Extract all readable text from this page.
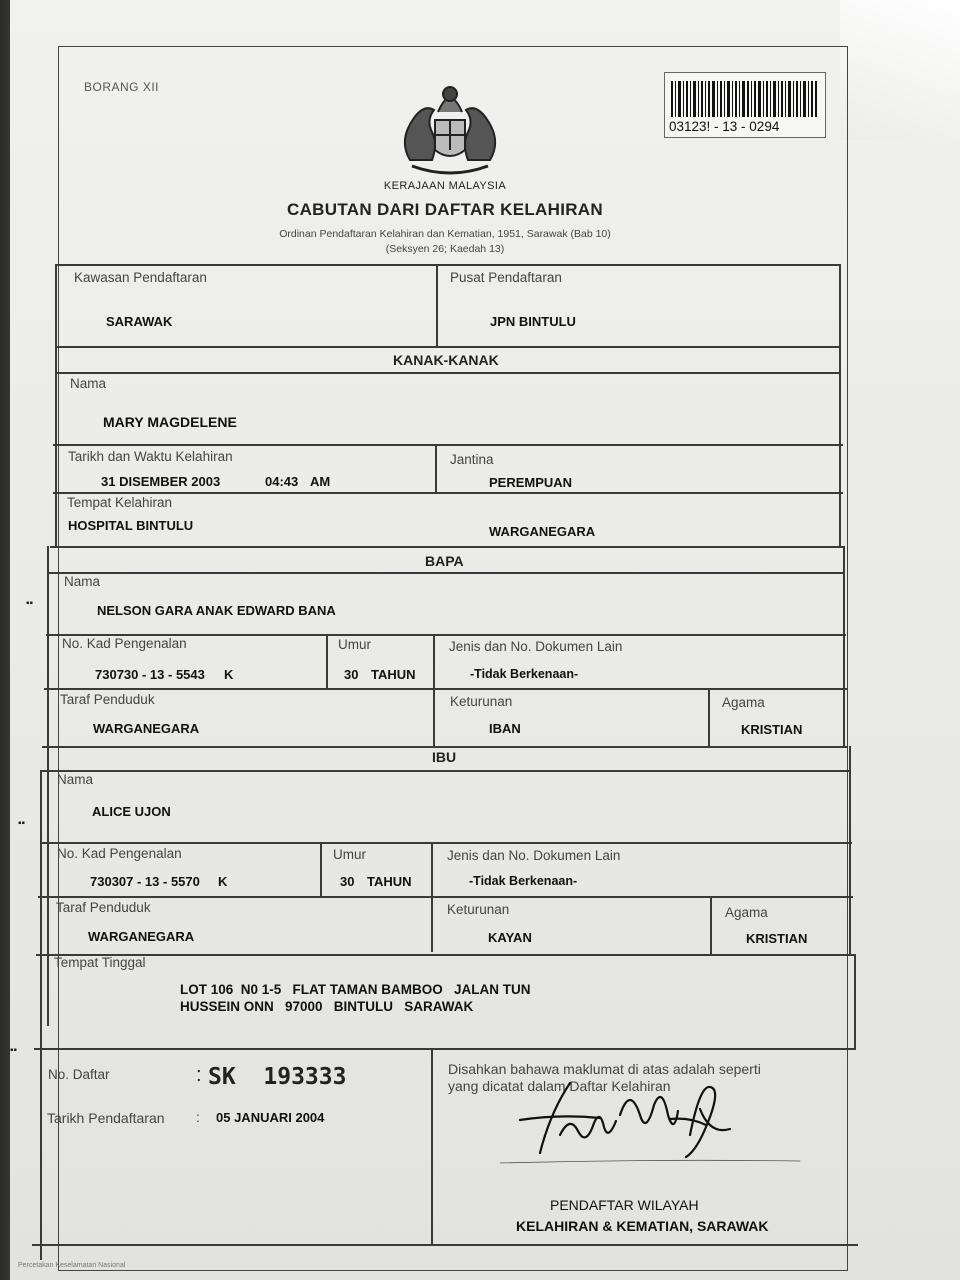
BORANG XII
03123! - 13 - 0294
KERAJAAN MALAYSIA
CABUTAN DARI DAFTAR KELAHIRAN
Ordinan Pendaftaran Kelahiran dan Kematian, 1951, Sarawak (Bab 10)
(Seksyen 26; Kaedah 13)
Kawasan Pendaftaran
SARAWAK
Pusat Pendaftaran
JPN BINTULU
KANAK-KANAK
Nama
MARY MAGDELENE
Tarikh dan Waktu Kelahiran
31 DISEMBER 2003	04:43 AM
Jantina
PEREMPUAN
Tempat Kelahiran
HOSPITAL BINTULU	WARGANEGARA
BAPA
Nama
NELSON GARA ANAK EDWARD BANA
No. Kad Pengenalan
730730 - 13 - 5543 K
Umur
30 TAHUN
Jenis dan No. Dokumen Lain
-Tidak Berkenaan-
Taraf Penduduk
WARGANEGARA
Keturunan
IBAN
Agama
KRISTIAN
IBU
Nama
ALICE UJON
No. Kad Pengenalan
730307 - 13 - 5570 K
Umur
30 TAHUN
Jenis dan No. Dokumen Lain
-Tidak Berkenaan-
Taraf Penduduk
WARGANEGARA
Keturunan
KAYAN
Agama
KRISTIAN
Tempat Tinggal
LOT 106  N0 1-5   FLAT TAMAN BAMBOO   JALAN TUN
HUSSEIN ONN   97000   BINTULU   SARAWAK
No. Daftar	: SK  193333
Tarikh Pendaftaran : 05 JANUARI 2004
Disahkan bahawa maklumat di atas adalah seperti
yang dicatat dalam Daftar Kelahiran
PENDAFTAR WILAYAH
KELAHIRAN & KEMATIAN, SARAWAK
Percetakan Keselamatan Nasional
▪▪
▪▪
▪▪
